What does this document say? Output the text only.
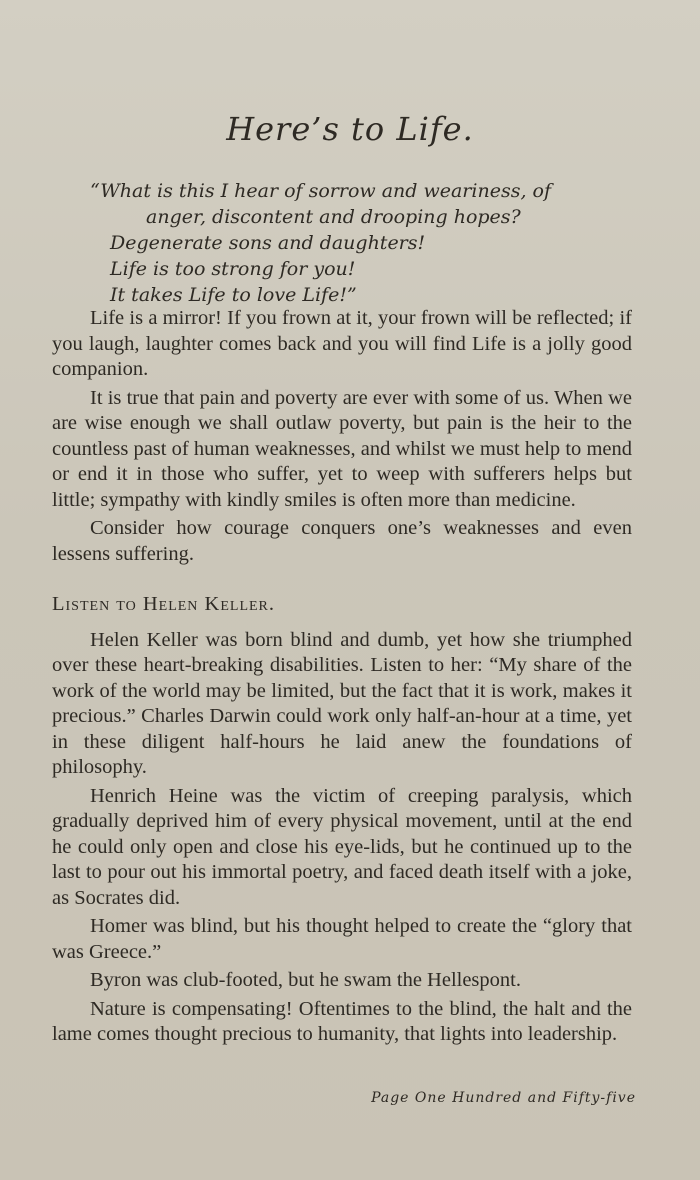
Here’s to Life.
“What is this I hear of sorrow and weariness, of
anger, discontent and drooping hopes?
Degenerate sons and daughters!
Life is too strong for you!
It takes Life to love Life!”

Life is a mirror! If you frown at it, your frown will be reflected; if you laugh, laughter comes back and you will find Life is a jolly good companion.

It is true that pain and poverty are ever with some of us. When we are wise enough we shall outlaw poverty, but pain is the heir to the countless past of human weaknesses, and whilst we must help to mend or end it in those who suffer, yet to weep with sufferers helps but little; sympathy with kindly smiles is often more than medicine.

Consider how courage conquers one’s weaknesses and even lessens suffering.

Listen to Helen Keller.

Helen Keller was born blind and dumb, yet how she triumphed over these heart-breaking disabilities. Listen to her: “My share of the work of the world may be limited, but the fact that it is work, makes it precious.” Charles Darwin could work only half-an-hour at a time, yet in these diligent half-hours he laid anew the foundations of philosophy.

Henrich Heine was the victim of creeping paralysis, which gradually deprived him of every physical movement, until at the end he could only open and close his eye-lids, but he continued up to the last to pour out his immortal poetry, and faced death itself with a joke, as Socrates did.

Homer was blind, but his thought helped to create the “glory that was Greece.”

Byron was club-footed, but he swam the Hellespont.

Nature is compensating! Oftentimes to the blind, the halt and the lame comes thought precious to humanity, that lights into leadership.

Page One Hundred and Fifty-five
